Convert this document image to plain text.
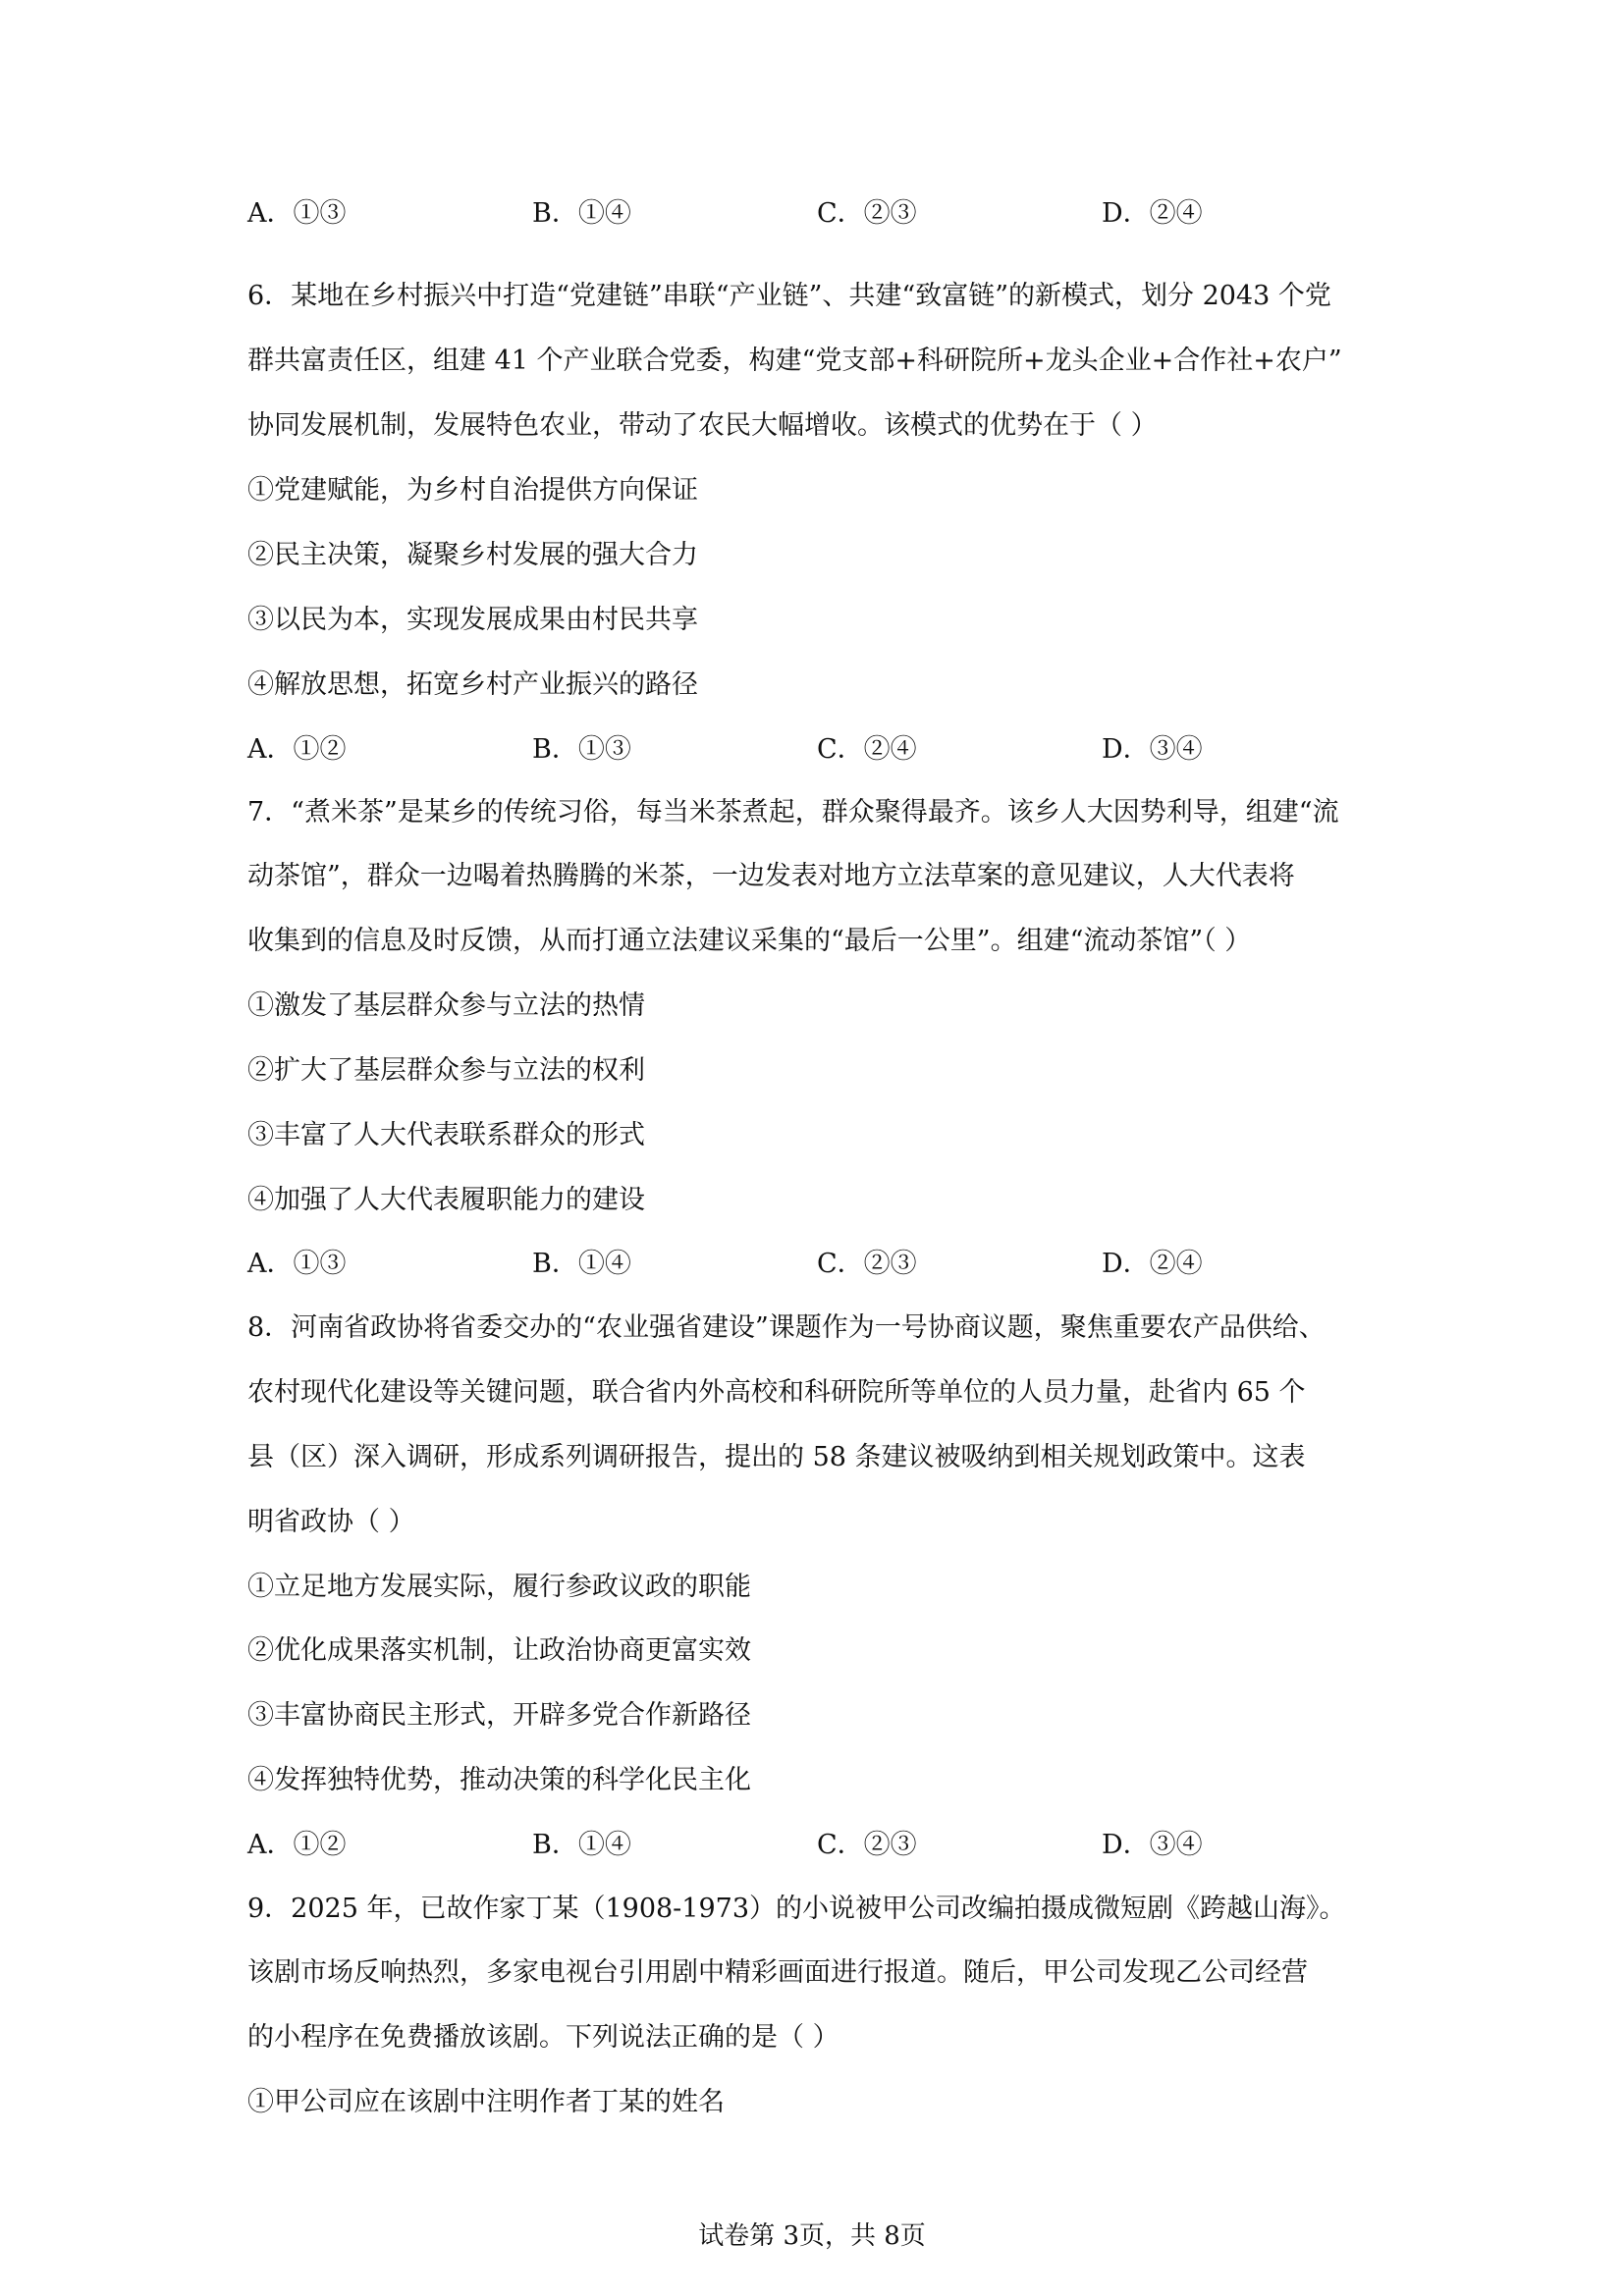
A．①③	B．①④	C．②③	D．②④
6．某地在乡村振兴中打造“党建链”串联“产业链”、共建“致富链”的新模式，划分 2043 个党
群共富责任区，组建 41 个产业联合党委，构建“党支部+科研院所+龙头企业+合作社+农户”
协同发展机制，发展特色农业，带动了农民大幅增收。该模式的优势在于（ ）
①党建赋能，为乡村自治提供方向保证
②民主决策，凝聚乡村发展的强大合力
③以民为本，实现发展成果由村民共享
④解放思想，拓宽乡村产业振兴的路径
A．①②	B．①③	C．②④	D．③④
7．“煮米茶”是某乡的传统习俗，每当米茶煮起，群众聚得最齐。该乡人大因势利导，组建“流
动茶馆”，群众一边喝着热腾腾的米茶，一边发表对地方立法草案的意见建议，人大代表将
收集到的信息及时反馈，从而打通立法建议采集的“最后一公里”。组建“流动茶馆”（ ）
①激发了基层群众参与立法的热情
②扩大了基层群众参与立法的权利
③丰富了人大代表联系群众的形式
④加强了人大代表履职能力的建设
A．①③	B．①④	C．②③	D．②④
8．河南省政协将省委交办的“农业强省建设”课题作为一号协商议题，聚焦重要农产品供给、
农村现代化建设等关键问题，联合省内外高校和科研院所等单位的人员力量，赴省内 65 个
县（区）深入调研，形成系列调研报告，提出的 58 条建议被吸纳到相关规划政策中。这表
明省政协（ ）
①立足地方发展实际，履行参政议政的职能
②优化成果落实机制，让政治协商更富实效
③丰富协商民主形式，开辟多党合作新路径
④发挥独特优势，推动决策的科学化民主化
A．①②	B．①④	C．②③	D．③④
9．2025 年，已故作家丁某（1908-1973）的小说被甲公司改编拍摄成微短剧《跨越山海》。
该剧市场反响热烈，多家电视台引用剧中精彩画面进行报道。随后，甲公司发现乙公司经营
的小程序在免费播放该剧。下列说法正确的是（ ）
①甲公司应在该剧中注明作者丁某的姓名
试卷第 3页，共 8页
